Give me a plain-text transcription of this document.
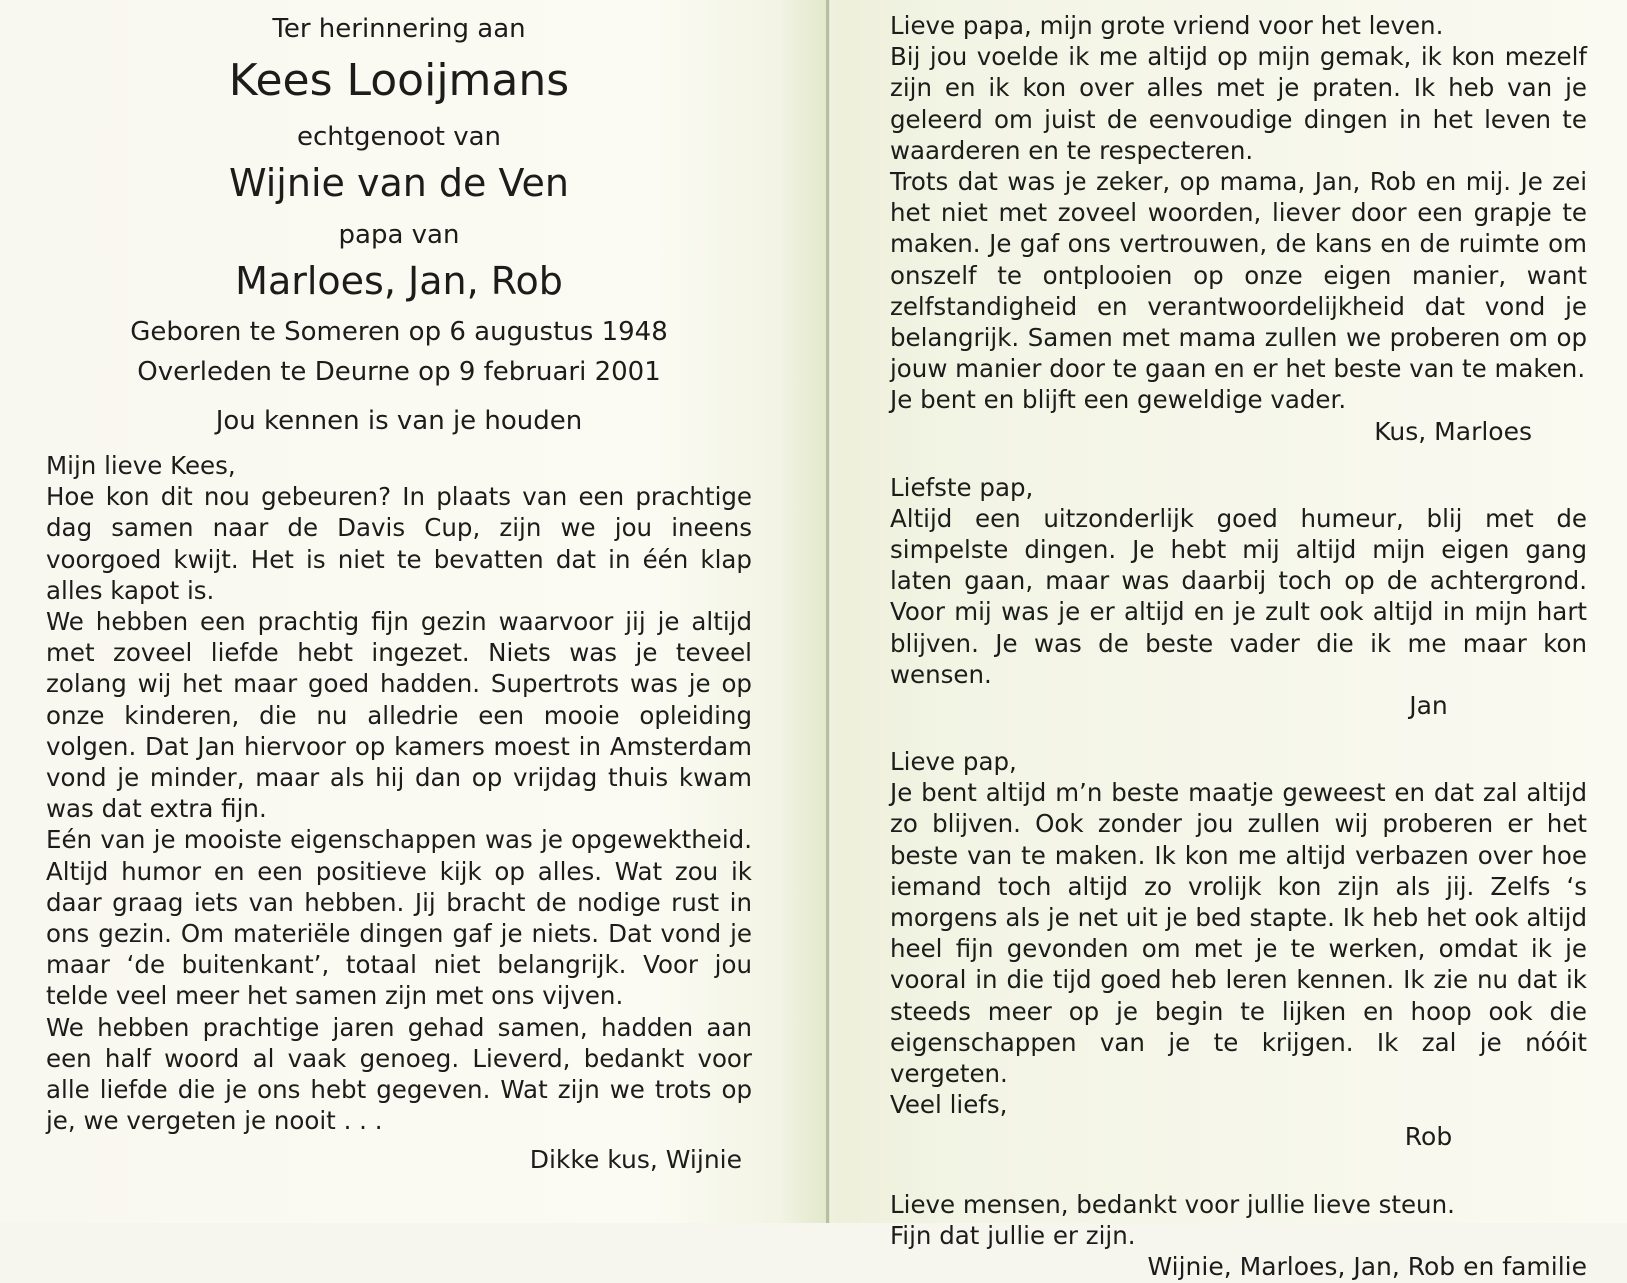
Ter herinnering aan
Kees Looijmans
echtgenoot van
Wijnie van de Ven
papa van
Marloes, Jan, Rob
Geboren te Someren op 6 augustus 1948
Overleden te Deurne op 9 februari 2001
Jou kennen is van je houden

Mijn lieve Kees,

Hoe kon dit nou gebeuren? In plaats van een prachtige dag samen naar de Davis Cup, zijn we jou ineens voorgoed kwijt. Het is niet te bevatten dat in één klap alles kapot is.

We hebben een prachtig fijn gezin waarvoor jij je altijd met zoveel liefde hebt ingezet. Niets was je teveel zolang wij het maar goed hadden. Supertrots was je op onze kinderen, die nu alledrie een mooie opleiding volgen. Dat Jan hiervoor op kamers moest in Amsterdam vond je minder, maar als hij dan op vrijdag thuis kwam was dat extra fijn.

Eén van je mooiste eigenschappen was je opgewektheid. Altijd humor en een positieve kijk op alles. Wat zou ik daar graag iets van hebben. Jij bracht de nodige rust in ons gezin. Om materiële dingen gaf je niets. Dat vond je maar ‘de buitenkant’, totaal niet belangrijk. Voor jou telde veel meer het samen zijn met ons vijven.

We hebben prachtige jaren gehad samen, hadden aan een half woord al vaak genoeg. Lieverd, bedankt voor alle liefde die je ons hebt gegeven. Wat zijn we trots op je, we vergeten je nooit . . .

Dikke kus, Wijnie

Lieve papa, mijn grote vriend voor het leven.

Bij jou voelde ik me altijd op mijn gemak, ik kon mezelf zijn en ik kon over alles met je praten. Ik heb van je geleerd om juist de eenvoudige dingen in het leven te waarderen en te respecteren.

Trots dat was je zeker, op mama, Jan, Rob en mij. Je zei het niet met zoveel woorden, liever door een grapje te maken. Je gaf ons vertrouwen, de kans en de ruimte om onszelf te ontplooien op onze eigen manier, want zelfstandigheid en verantwoordelijkheid dat vond je belangrijk. Samen met mama zullen we proberen om op jouw manier door te gaan en er het beste van te maken.

Je bent en blijft een geweldige vader.

Kus, Marloes

Liefste pap,

Altijd een uitzonderlijk goed humeur, blij met de simpelste dingen. Je hebt mij altijd mijn eigen gang laten gaan, maar was daarbij toch op de achtergrond. Voor mij was je er altijd en je zult ook altijd in mijn hart blijven. Je was de beste vader die ik me maar kon wensen.

Jan

Lieve pap,

Je bent altijd m’n beste maatje geweest en dat zal altijd zo blijven. Ook zonder jou zullen wij proberen er het beste van te maken. Ik kon me altijd verbazen over hoe iemand toch altijd zo vrolijk kon zijn als jij. Zelfs ‘s morgens als je net uit je bed stapte. Ik heb het ook altijd heel fijn gevonden om met je te werken, omdat ik je vooral in die tijd goed heb leren kennen. Ik zie nu dat ik steeds meer op je begin te lijken en hoop ook die eigenschappen van je te krijgen. Ik zal je nóóit vergeten.

Veel liefs,

Rob

Lieve mensen, bedankt voor jullie lieve steun.

Fijn dat jullie er zijn.

Wijnie, Marloes, Jan, Rob en familie
